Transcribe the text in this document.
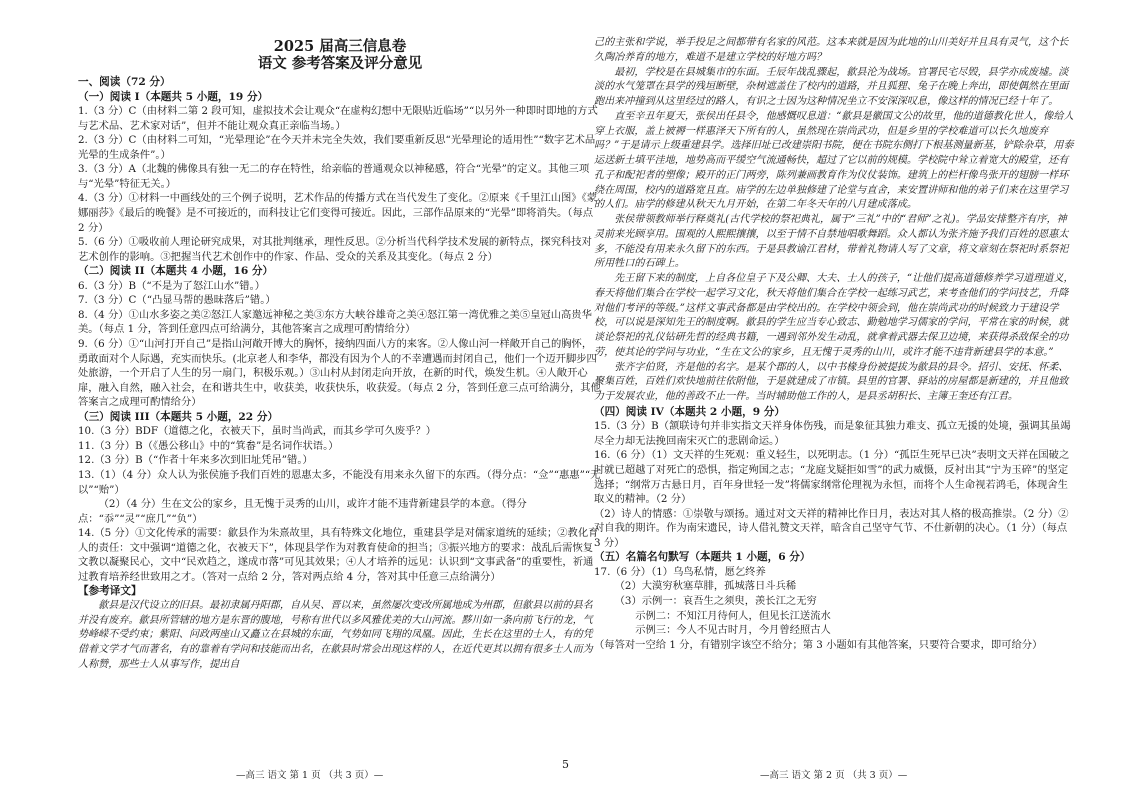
2025 届高三信息卷

语文 参考答案及评分意见

一、阅读（72 分）

（一）阅读 I（本题共 5 小题，19 分）

1.（3 分）C（由材料二第 2 段可知，虚拟技术会让观众“在虚构幻想中无限贴近临场”“以另外一种即时即地的方式与艺术品、艺术家对话”，但并不能让观众真正亲临当场。）

2.（3 分）C（由材料二可知，“光晕理论”在今天并未完全失效，我们要重新反思“光晕理论的适用性”“数字艺术品光晕的生成条件”。）

3.（3 分）A（北魏的佛像具有独一无二的存在特性，给亲临的普通观众以神秘感，符合“光晕”的定义。其他三项与“光晕”特征无关。）

4.（3 分）①材料一中画线处的三个例子说明，艺术作品的传播方式在当代发生了变化。②原来《千里江山图》《蒙娜丽莎》《最后的晚餐》是不可接近的，而科技让它们变得可接近。因此，三部作品原来的“光晕”即将消失。（每点 2 分）

5.（6 分）①吸收前人理论研究成果，对其批判继承，理性反思。②分析当代科学技术发展的新特点，探究科技对艺术创作的影响。③把握当代艺术创作中的作家、作品、受众的关系及其变化。（每点 2 分）

（二）阅读 II（本题共 4 小题，16 分）

6.（3 分）B（“不是为了怒江山水”错。）

7.（3 分）C（“凸显马帮的愚昧落后”错。）

8.（4 分）①山水多姿之美②怒江人家邀远神秘之美③东方大峡谷雄奇之美④怒江第一湾优雅之美⑤皇冠山高贵华美。（每点 1 分，答到任意四点可给满分，其他答案言之成理可酌情给分）

9.（6 分）①“山河打开自己”是指山河敞开博大的胸怀，接纳四面八方的来客。②人像山河一样敞开自己的胸怀，勇敢面对个人际遇，充实而快乐。(北京老人和李华，都没有因为个人的不幸遭遇而封闭自己，他们一个迈开脚步四处旅游，一个开启了人生的另一扇门，积极乐观。）③山村从封闭走向开放，在新的时代，焕发生机。④人敞开心扉，融入自然，融入社会，在和谐共生中，收获美，收获快乐，收获爱。（每点 2 分，答到任意三点可给满分，其他答案言之成理可酌情给分）

（三）阅读 III（本题共 5 小题，22 分）

10.（3 分）BDF（道德之化，衣被天下，虽时当尚武，而其乡学可久废乎？）

11.（3 分）B（《愚公移山》中的“箕畚”是名词作状语。）

12.（3 分）B（“作者十年来多次到旧址凭吊”错。）

13.（1）（4 分）众人认为张侯施予我们百姓的恩惠太多，不能没有用来永久留下的东西。（得分点：“佥”“惠惠”“无以”“贻”）

（2）（4 分）生在文公的家乡，且无愧于灵秀的山川，或许才能不违背新建县学的本意。（得分点：“忝”“灵”“庶几”“负”）

14.（5 分）①文化传承的需要：歙县作为朱熹故里，具有特殊文化地位，重建县学是对儒家道统的延续；②教化育人的责任：文中强调“道德之化，衣被天下”，体现县学作为对教育使命的担当；③振兴地方的要求：战乱后需恢复文教以凝聚民心，文中“民欢趋之，遂成市落”可见其效果；④人才培养的远见：认识到“文事武备”的重要性，祈通过教育培养经世致用之才。（答对一点给 2 分，答对两点给 4 分，答对其中任意三点给满分）

【参考译文】

歙县是汉代设立的旧县。最初隶属丹阳郡，自从吴、晋以来，虽然屡次变改所属地成为州郡，但歙县以前的县名并没有废弃。歙县所管辖的地方是东晋的腹地，号称有世代以多风雅优美的大山河流。黟川如一条向前飞行的龙，气势峰嵘不受约束；紫阳、问政两座山又矗立在县城的东面，气势如同飞翔的凤凰。因此，生长在这里的士人，有的凭借着文学才气而著名，有的靠着有学问和技能而出名，在歙县时常会出现这样的人，在近代更其以拥有很多士人而为人称赞，那些士人从事写作，提出自

己的主张和学说，举手投足之间都带有名家的风范。这本来就是因为此地的山川美好并且具有灵气，这个长久陶冶养育的地方，难道不是建立学校的好地方吗？

最初，学校是在县城集市的东面。壬辰年战乱骤起，歙县沦为战场。官署民宅尽毁，县学亦成废墟。淡淡的水气笼罩在县学的残垣断壁，杂树遮盖住了校内的道路，并且狐狸、兔子在晚上奔出，即使偶然在里面跑出来冲撞到从这里经过的路人，有识之士因为这种情况坐立不安深深叹息，像这样的情况已经十年了。

直至辛丑年夏天，张侯出任县令，他感慨叹息道：“歙县是徽国文公的故里，他的道德教化世人，像给人穿上衣服，盖上被褥一样惠泽天下所有的人，虽然现在崇尚武功，但是乡里的学校难道可以长久地废弃吗？”于是请示上级重建县学。选择旧址已改建崇阳书院，便在书院东侧打下根基测量新基，铲除杂草，用泰运送新土填平洼地，地势高而平缓空气流通畅快，超过了它以前的规模。学校院中耸立着宽大的殿堂，还有孔子和配祀者的塑像；殿开的正门两旁，陈列兼画教育作为仪仗装饰。建筑上的栏杆像鸟张开的翅膀一样环绕在周围，校内的道路宽且直。庙学的左边单独修建了论堂与直舍，来安置讲师和他的弟子们来在这里学习的人们。庙学的修建从秋天九月开始，在第二年冬天年的八月建成落成。

张侯带领教师举行释奠礼(古代学校的祭祀典礼，属于“三礼”中的“君师”之礼)。学品安排整齐有序，神灵前来光顾享用。围观的人熙熙攘攘，以至于情不自禁地唱歌舞蹈。众人都认为张齐施予我们百姓的恩惠太多，不能没有用来永久留下的东西。于是县教谕江君材，带着礼物请人写了文章，将文章刻在祭祀时系祭祀所用牲口的石碑上。

先王留下来的制度，上自各位皇子下及公卿、大夫、士人的孩子，“让他们提高道德修养学习道理道义，春天将他们集合在学校一起学习文化，秋天将他们集合在学校一起练习武艺，来考查他们的学问技艺，升降对他们考评的等级。”这样文事武备都是由学校出的。在学校中领会到，他在崇尚武功的时候致力于建设学校，可以说是深知先王的制度啊。歙县的学生应当专心致志、勤勉地学习儒家的学问，平常在家的时候，就谈论祭祀的礼仪钻研先哲的经典书籍，一遇到邻外发生动乱，就拿着武器去保卫边境，来获得杀敌保全的功劳，使其论的学问与功业，“生在文公的家乡，且无愧于灵秀的山川，或许才能不违背新建县学的本意。”

张齐字伯贤，齐是他的名字。是某个郡的人，以中书椽身份被提拔为歙县的县令。招引、安抚、怀柔、聚集百姓，百姓们欢快地前往依附他，于是就建成了市镇。县里的官署、驿站的房屋都是新建的，并且他致力于发展农业，他的善政不止一件。当时辅助他工作的人，是县丞胡积长、主簿王奎还有江君。

（四）阅读 IV（本题共 2 小题，9 分）

15.（3 分）B（颔联诗句并非实指文天祥身体伤残，而是象征其独力难支、孤立无援的处境，强调其虽竭尽全力却无法挽回南宋灭亡的悲剧命运。）

16.（6 分）（1）文天祥的生死观：重义轻生，以死明志。（1 分）“孤臣生死早已决”表明文天祥在国破之时就已超越了对死亡的恐惧，指定殉国之志；“龙庭戈疑拒如雪”的武力威慑，反衬出其“宁为玉碎”的坚定选择；“纲常万古悬日月，百年身世轻一发”将儒家纲常伦理视为永恒，而将个人生命视若鸿毛，体现舍生取义的精神。（2 分）

（2）诗人的情感：①崇敬与颂扬。通过对文天祥的精神比作日月，表达对其人格的极高推崇。（2 分）②对自我的期许。作为南宋遗民，诗人借礼赞文天祥，暗含自己坚守气节、不仕新朝的决心。（1 分）（每点 3 分）

（五）名篇名句默写（本题共 1 小题，6 分）

17.（6 分）（1）乌鸟私情，愿乞终养

（2）大漠穷秋塞草腓，孤城落日斗兵稀

（3）示例一：哀吾生之须臾，羡长江之无穷

示例二：不知江月待何人，但见长江送流水

示例三：今人不见古时月，今月曾经照古人

（每答对一空给 1 分，有错别字该空不给分；第 3 小题如有其他答案，只要符合要求，即可给分）

—高三 语文 第 1 页 （共 3 页）—
5
—高三 语文 第 2 页 （共 3 页）—
